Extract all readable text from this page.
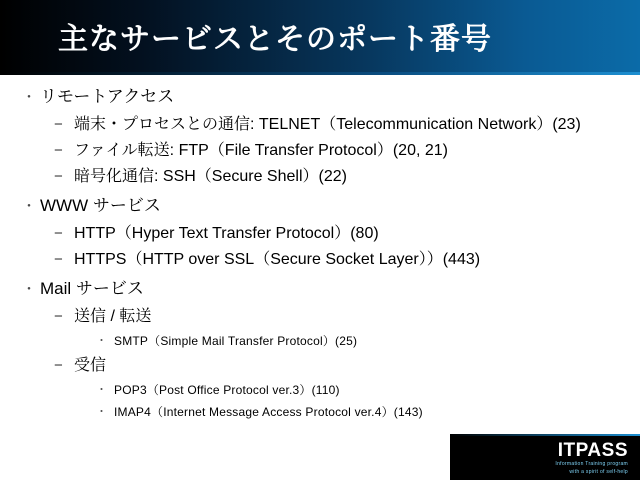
主なサービスとそのポート番号
・ リモートアクセス
− 端末・プロセスとの通信: TELNET（Telecommunication Network）(23)
− ファイル転送: FTP（File Transfer Protocol）(20, 21)
− 暗号化通信: SSH（Secure Shell）(22)
・ WWW サービス
− HTTP（Hyper Text Transfer Protocol）(80)
− HTTPS（HTTP over SSL（Secure Socket Layer））(443)
・ Mail サービス
− 送信 / 転送
・ SMTP（Simple Mail Transfer Protocol）(25)
− 受信
・ POP3（Post Office Protocol ver.3）(110)
・ IMAP4（Internet Message Access Protocol ver.4）(143)
ITPASS
Information Training program
with a spirit of self-help
